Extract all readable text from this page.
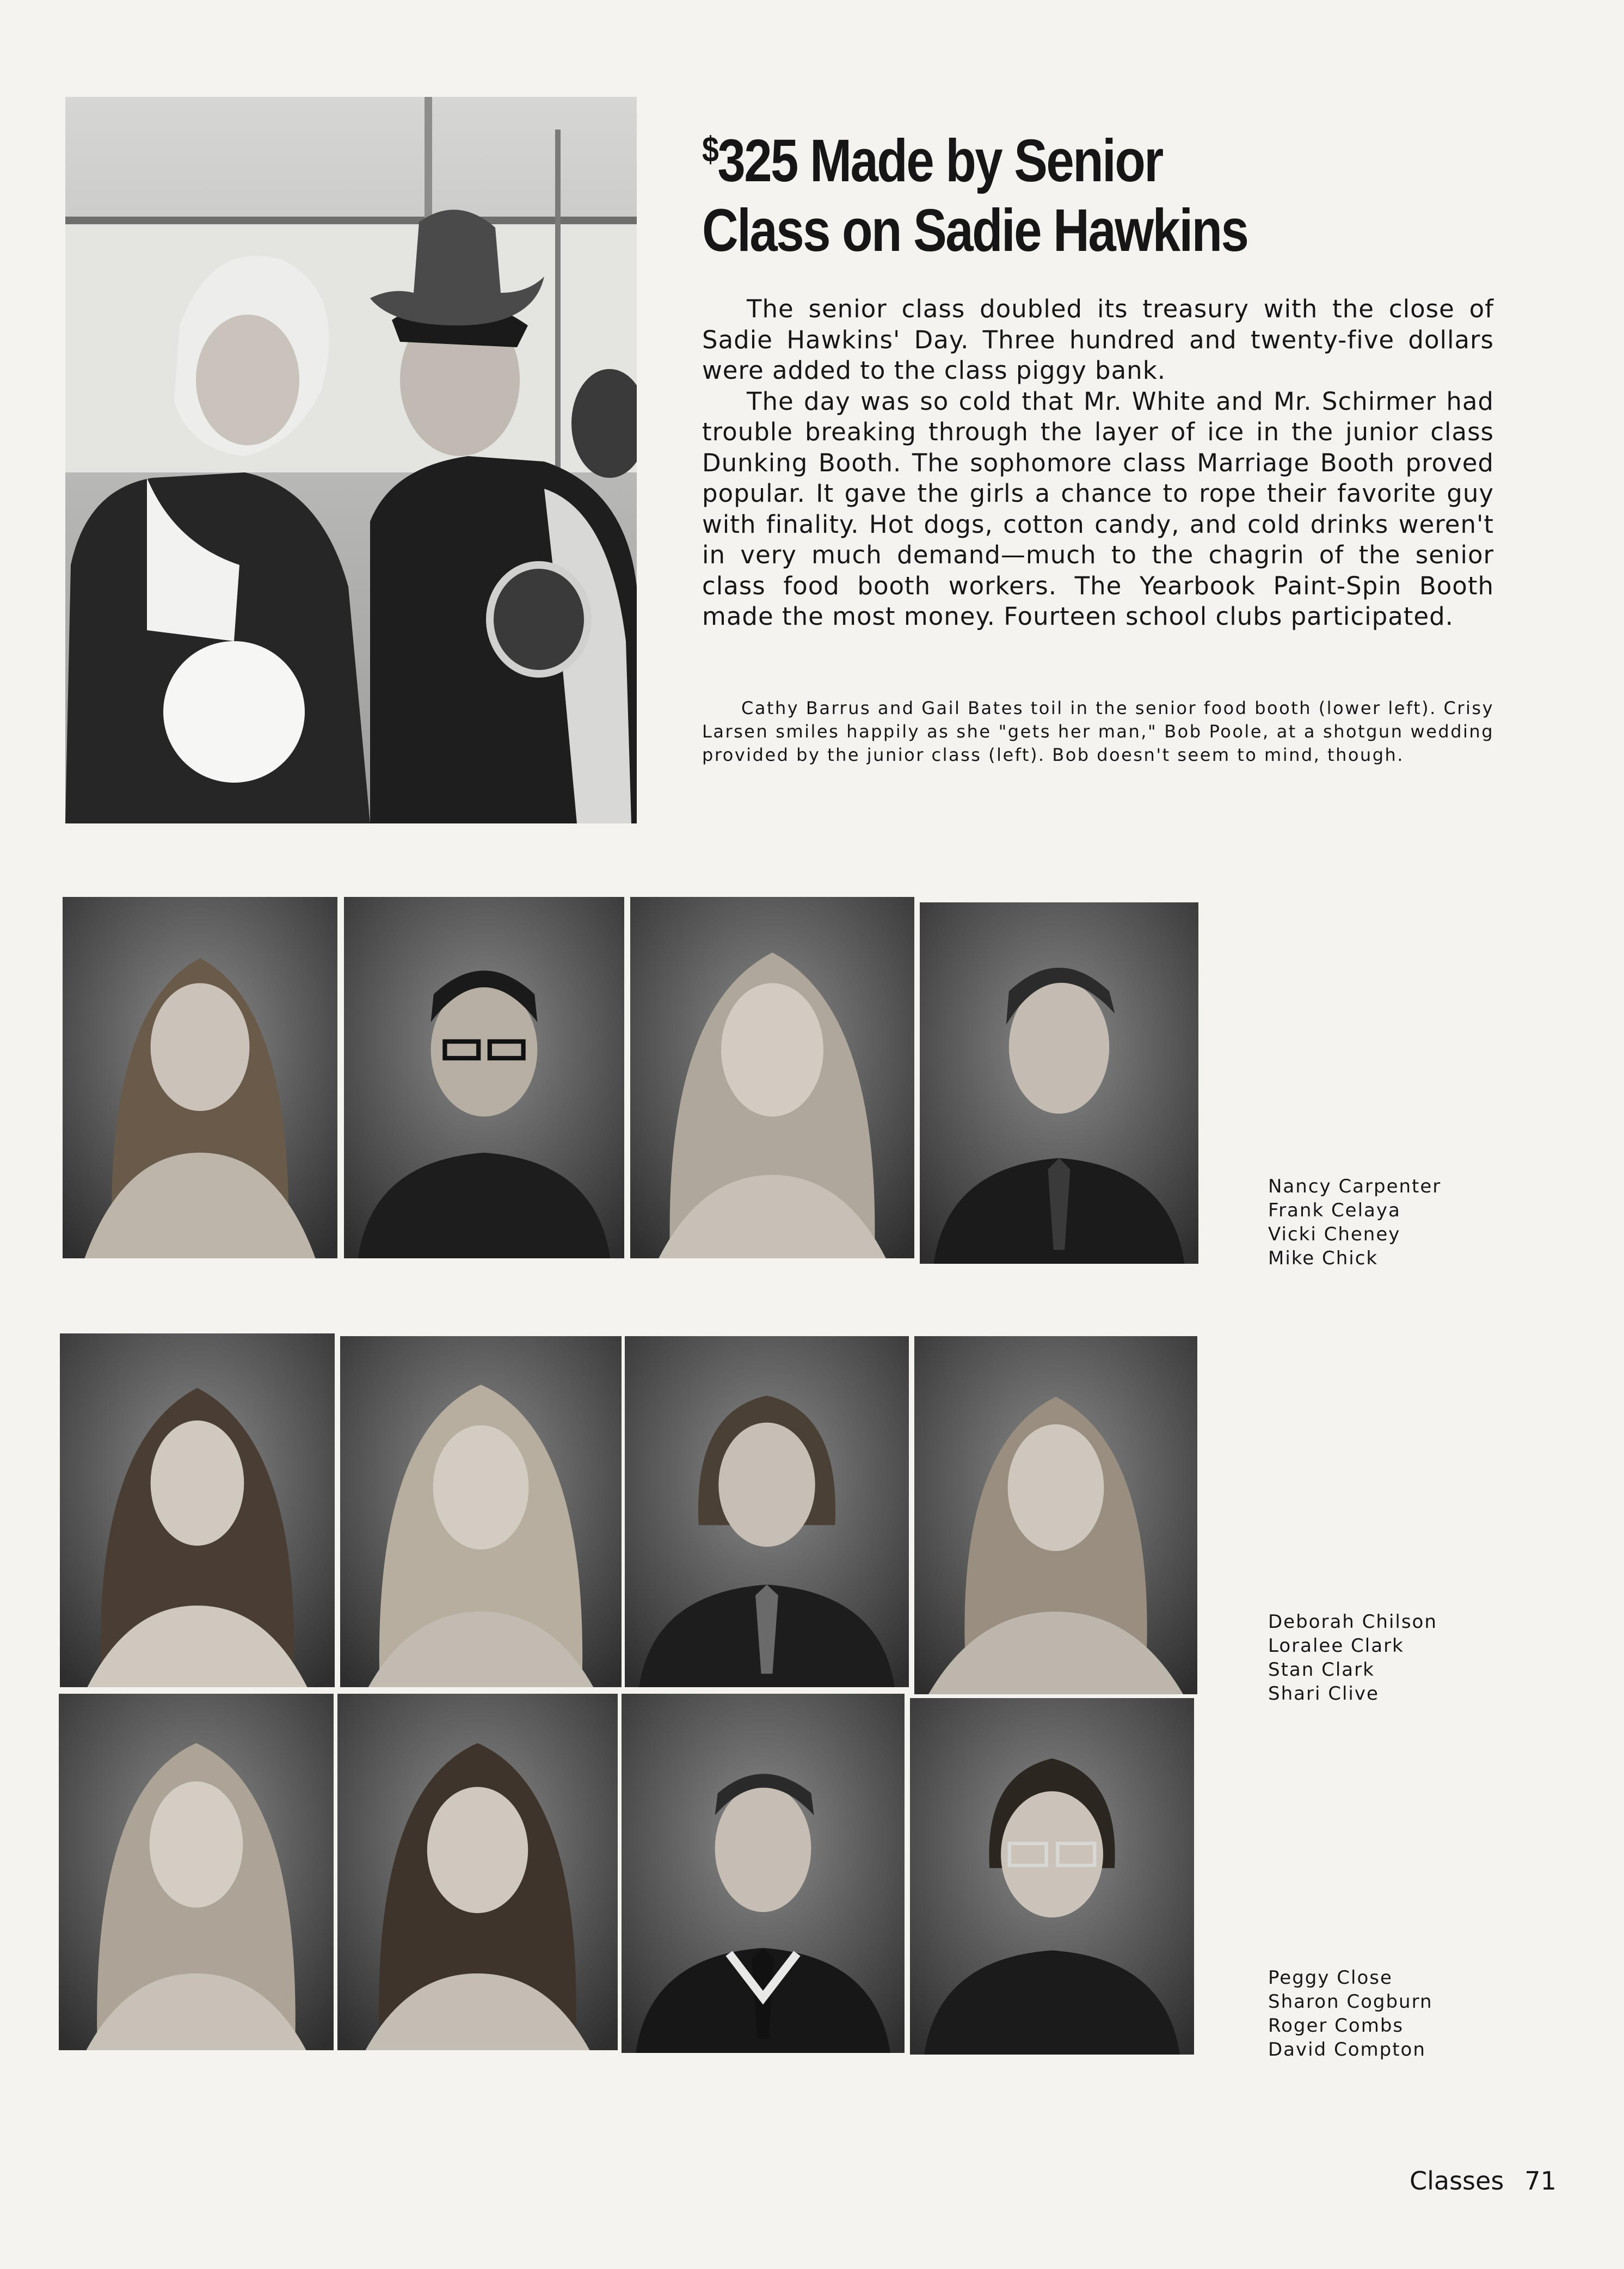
$325 Made by Senior
Class on Sadie Hawkins

The senior class doubled its treasury with the close of Sadie Hawkins' Day. Three hundred and twenty-five dollars were added to the class piggy bank.

The day was so cold that Mr. White and Mr. Schirmer had trouble breaking through the layer of ice in the junior class Dunking Booth. The sophomore class Marriage Booth proved popular. It gave the girls a chance to rope their favorite guy with finality. Hot dogs, cotton candy, and cold drinks weren't in very much demand—much to the chagrin of the senior class food booth workers. The Yearbook Paint-Spin Booth made the most money. Fourteen school clubs participated.

Cathy Barrus and Gail Bates toil in the senior food booth (lower left). Crisy Larsen smiles happily as she "gets her man," Bob Poole, at a shotgun wedding provided by the junior class (left). Bob doesn't seem to mind, though.

Nancy Carpenter
Frank Celaya
Vicki Cheney
Mike Chick
Deborah Chilson
Loralee Clark
Stan Clark
Shari Clive
Peggy Close
Sharon Cogburn
Roger Combs
David Compton
Classes 71
